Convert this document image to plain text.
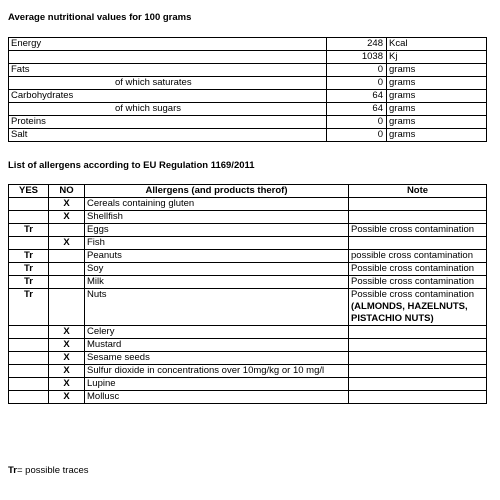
Average nutritional values for 100 grams
Energy	248	Kcal
	1038	Kj
Fats	0	grams
of which saturates	0	grams
Carbohydrates	64	grams
of which sugars	64	grams
Proteins	0	grams
Salt	0	grams
List of allergens according to EU Regulation 1169/2011
YES	NO	Allergens (and products therof)	Note
	X	Cereals containing gluten	
	X	Shellfish	
Tr		Eggs	Possible cross contamination
	X	Fish	
Tr		Peanuts	possible cross contamination
Tr		Soy	Possible cross contamination
Tr		Milk	Possible cross contamination
Tr		Nuts	Possible cross contamination (ALMONDS, HAZELNUTS, PISTACHIO NUTS)
	X	Celery	
	X	Mustard	
	X	Sesame seeds	
	X	Sulfur dioxide in concentrations over 10mg/kg or 10 mg/l	
	X	Lupine	
	X	Mollusc	
Tr= possible traces
